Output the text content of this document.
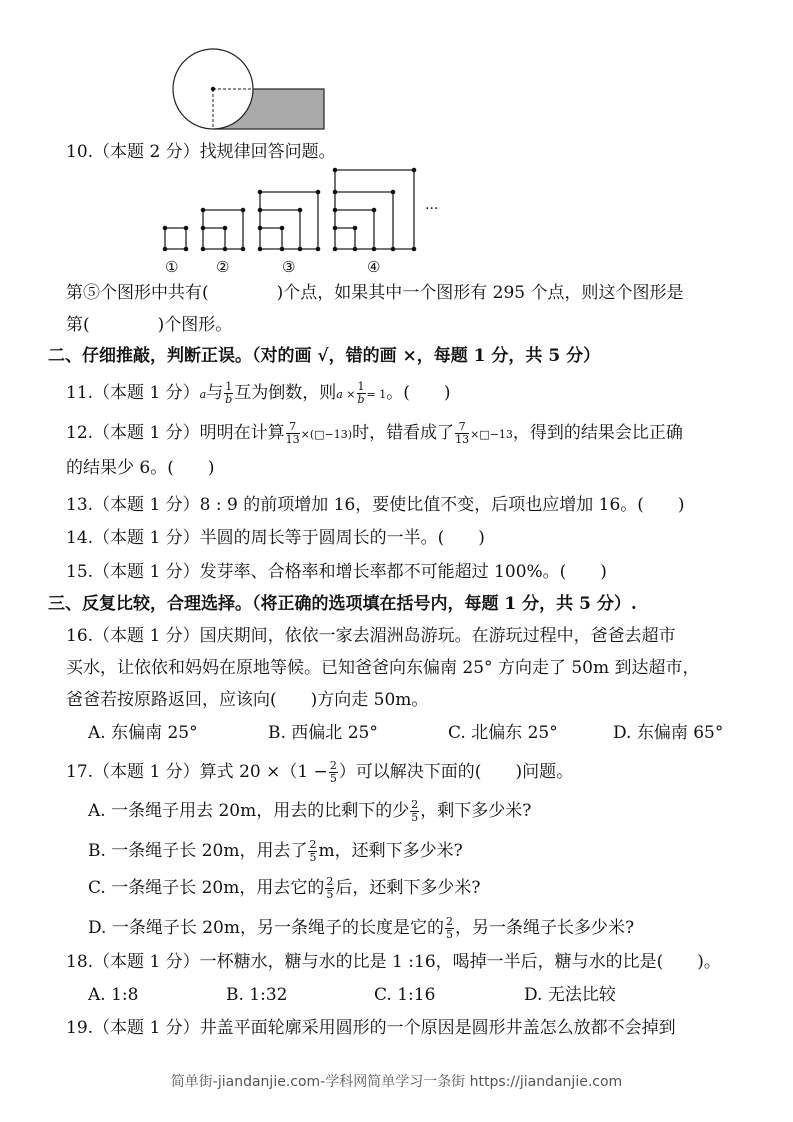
10.（本题 2 分）找规律回答问题。
①	②	③	④
···
第⑤个图形中共有(　　　　)个点，如果其中一个图形有 295 个点，则这个图形是
第(　　　　)个图形。
二、仔细推敲，判断正误。（对的画 √，错的画 ×，每题 1 分，共 5 分）
11.（本题 1 分）a与 $\frac{1}{b}$ 互为倒数，则$a \times \frac{1}{b} = 1$。(　　)
12.（本题 1 分）明明在计算 $\frac{7}{13}$ ×(□−13)时，错看成了 $\frac{7}{13}$ ×□−13，得到的结果会比正确
的结果少 6。(　　)
13.（本题 1 分）8 : 9 的前项增加 16，要使比值不变，后项也应增加 16。(　　)
14.（本题 1 分）半圆的周长等于圆周长的一半。(　　)
15.（本题 1 分）发芽率、合格率和增长率都不可能超过 100%。(　　)
三、反复比较，合理选择。（将正确的选项填在括号内，每题 1 分，共 5 分）.
16.（本题 1 分）国庆期间，依依一家去湄洲岛游玩。在游玩过程中，爸爸去超市
买水，让依依和妈妈在原地等候。已知爸爸向东偏南 25° 方向走了 50m 到达超市，
爸爸若按原路返回，应该向(　　)方向走 50m。
A. 东偏南 25°	B. 西偏北 25°	C. 北偏东 25°	D. 东偏南 65°
17.（本题 1 分）算式 $20 \times(1 - \frac{2}{5}$ ）可以解决下面的(　　)问题。
A. 一条绳子用去 20m，用去的比剩下的少 $\frac{2}{5}$ ，剩下多少米?
B. 一条绳子长 20m，用去了 $\frac{2}{5}$ m，还剩下多少米?
C. 一条绳子长 20m，用去它的 $\frac{2}{5}$ 后，还剩下多少米?
D. 一条绳子长 20m，另一条绳子的长度是它的 $\frac{2}{5}$ ，另一条绳子长多少米?
18.（本题 1 分）一杯糖水，糖与水的比是 1 :16，喝掉一半后，糖与水的比是(　　)。
A. 1:8	B. 1:32	C. 1:16	D. 无法比较
19.（本题 1 分）井盖平面轮廓采用圆形的一个原因是圆形井盖怎么放都不会掉到
简单街-jiandanjie.com-学科网简单学习一条街 https://jiandanjie.com
